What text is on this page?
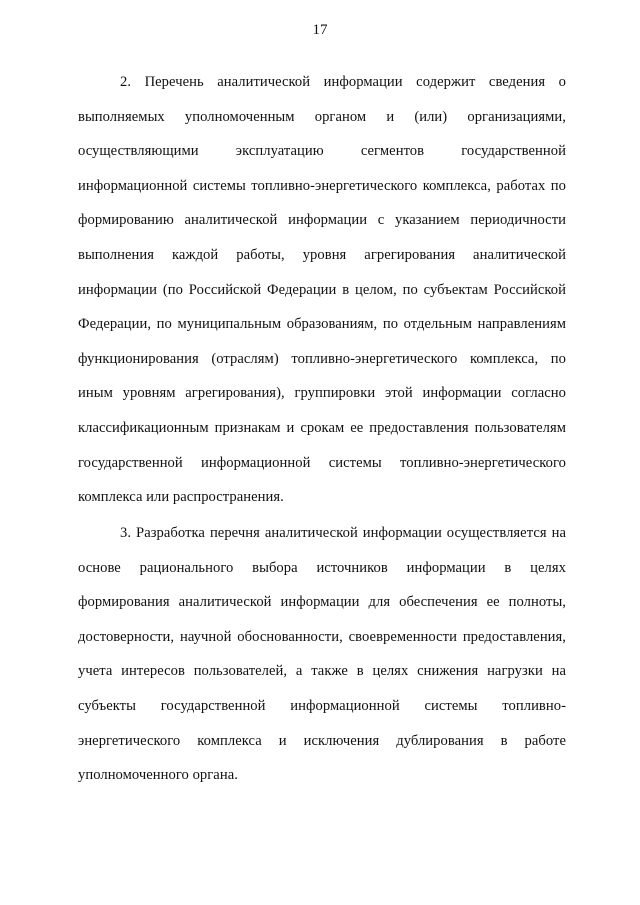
17

2. Перечень аналитической информации содержит сведения о выполняемых уполномоченным органом и (или) организациями, осуществляющими эксплуатацию сегментов государственной информационной системы топливно-энергетического комплекса, работах по формированию аналитической информации с указанием периодичности выполнения каждой работы, уровня агрегирования аналитической информации (по Российской Федерации в целом, по субъектам Российской Федерации, по муниципальным образованиям, по отдельным направлениям функционирования (отраслям) топливно-энергетического комплекса, по иным уровням агрегирования), группировки этой информации согласно классификационным признакам и срокам ее предоставления пользователям государственной информационной системы топливно-энергетического комплекса или распространения.

3. Разработка перечня аналитической информации осуществляется на основе рационального выбора источников информации в целях формирования аналитической информации для обеспечения ее полноты, достоверности, научной обоснованности, своевременности предоставления, учета интересов пользователей, а также в целях снижения нагрузки на субъекты государственной информационной системы топливно-энергетического комплекса и исключения дублирования в работе уполномоченного органа.
